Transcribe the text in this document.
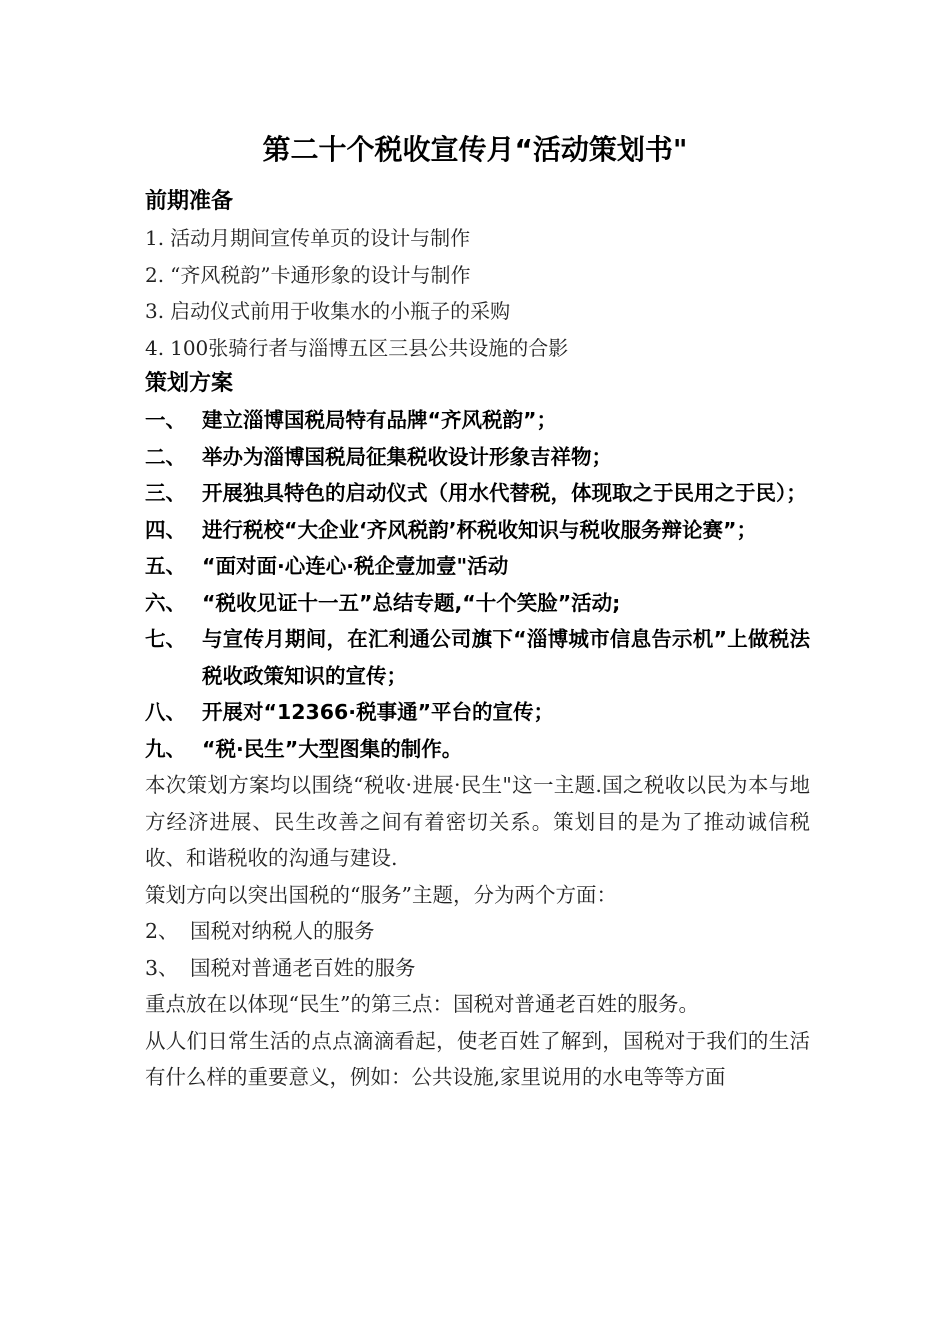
第二十个税收宣传月“活动策划书"
前期准备
1. 活动月期间宣传单页的设计与制作
2. “齐风税韵”卡通形象的设计与制作
3. 启动仪式前用于收集水的小瓶子的采购
4. 100张骑行者与淄博五区三县公共设施的合影
策划方案
一、 建立淄博国税局特有品牌“齐风税韵”；
二、 举办为淄博国税局征集税收设计形象吉祥物；
三、 开展独具特色的启动仪式（用水代替税，体现取之于民用之于民）；
四、 进行税校“大企业‘齐风税韵’杯税收知识与税收服务辩论赛”；
五、 “面对面·心连心·税企壹加壹"活动
六、 “税收见证十一五”总结专题,“十个笑脸”活动;
七、 与宣传月期间，在汇利通公司旗下“淄博城市信息告示机”上做税法税收政策知识的宣传；
八、 开展对“12366·税事通”平台的宣传；
九、 “税·民生”大型图集的制作。

本次策划方案均以围绕“税收·进展·民生"这一主题.国之税收以民为本与地方经济进展、民生改善之间有着密切关系。策划目的是为了推动诚信税收、和谐税收的沟通与建设.

策划方向以突出国税的“服务”主题，分为两个方面：

2、 国税对纳税人的服务
3、 国税对普通老百姓的服务

重点放在以体现“民生”的第三点：国税对普通老百姓的服务。

从人们日常生活的点点滴滴看起，使老百姓了解到，国税对于我们的生活有什么样的重要意义，例如：公共设施,家里说用的水电等等方面
